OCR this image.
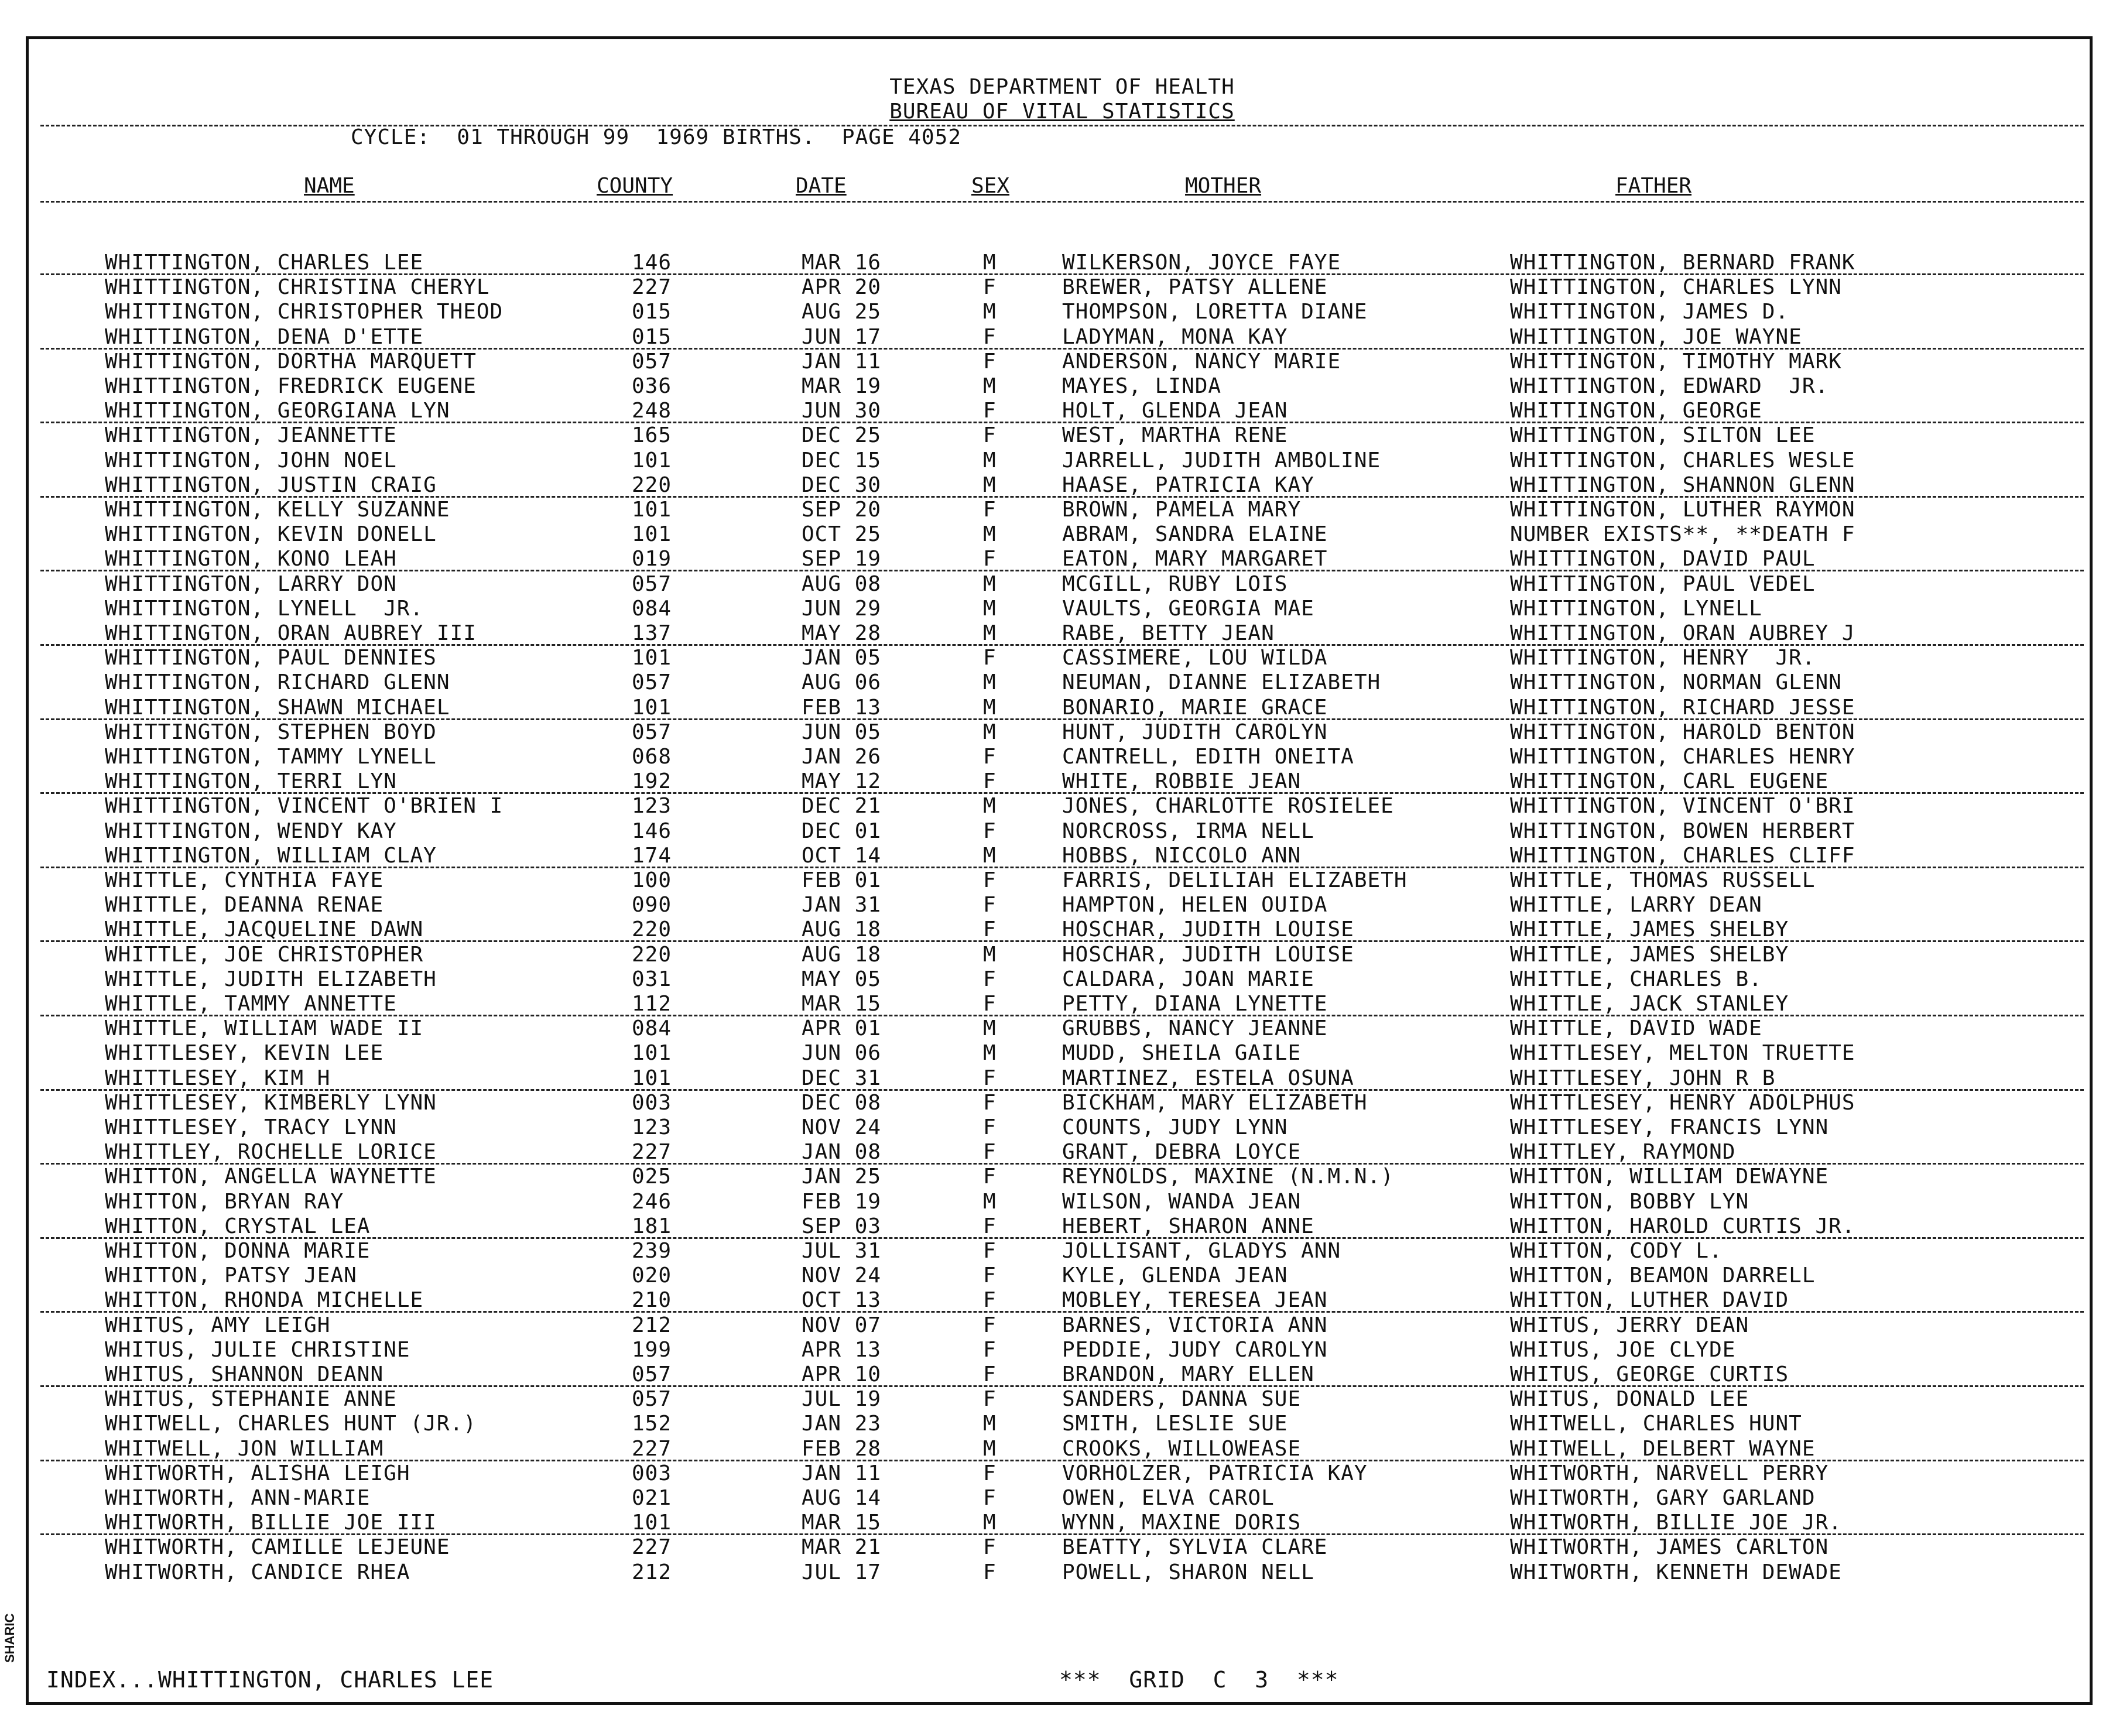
SHARIC
TEXAS DEPARTMENT OF HEALTH
BUREAU OF VITAL STATISTICS
CYCLE:  01 THROUGH 99  1969 BIRTHS.  PAGE 4052
NAME	COUNTY	DATE	SEX	MOTHER	FATHER
WHITTINGTON, CHARLES LEE	146	MAR 16	M	WILKERSON, JOYCE FAYE	WHITTINGTON, BERNARD FRANK
WHITTINGTON, CHRISTINA CHERYL	227	APR 20	F	BREWER, PATSY ALLENE	WHITTINGTON, CHARLES LYNN
WHITTINGTON, CHRISTOPHER THEOD	015	AUG 25	M	THOMPSON, LORETTA DIANE	WHITTINGTON, JAMES D.
WHITTINGTON, DENA D'ETTE	015	JUN 17	F	LADYMAN, MONA KAY	WHITTINGTON, JOE WAYNE
WHITTINGTON, DORTHA MARQUETT	057	JAN 11	F	ANDERSON, NANCY MARIE	WHITTINGTON, TIMOTHY MARK
WHITTINGTON, FREDRICK EUGENE	036	MAR 19	M	MAYES, LINDA	WHITTINGTON, EDWARD  JR.
WHITTINGTON, GEORGIANA LYN	248	JUN 30	F	HOLT, GLENDA JEAN	WHITTINGTON, GEORGE
WHITTINGTON, JEANNETTE	165	DEC 25	F	WEST, MARTHA RENE	WHITTINGTON, SILTON LEE
WHITTINGTON, JOHN NOEL	101	DEC 15	M	JARRELL, JUDITH AMBOLINE	WHITTINGTON, CHARLES WESLE
WHITTINGTON, JUSTIN CRAIG	220	DEC 30	M	HAASE, PATRICIA KAY	WHITTINGTON, SHANNON GLENN
WHITTINGTON, KELLY SUZANNE	101	SEP 20	F	BROWN, PAMELA MARY	WHITTINGTON, LUTHER RAYMON
WHITTINGTON, KEVIN DONELL	101	OCT 25	M	ABRAM, SANDRA ELAINE	NUMBER EXISTS**, **DEATH F
WHITTINGTON, KONO LEAH	019	SEP 19	F	EATON, MARY MARGARET	WHITTINGTON, DAVID PAUL
WHITTINGTON, LARRY DON	057	AUG 08	M	MCGILL, RUBY LOIS	WHITTINGTON, PAUL VEDEL
WHITTINGTON, LYNELL  JR.	084	JUN 29	M	VAULTS, GEORGIA MAE	WHITTINGTON, LYNELL
WHITTINGTON, ORAN AUBREY III	137	MAY 28	M	RABE, BETTY JEAN	WHITTINGTON, ORAN AUBREY J
WHITTINGTON, PAUL DENNIES	101	JAN 05	F	CASSIMERE, LOU WILDA	WHITTINGTON, HENRY  JR.
WHITTINGTON, RICHARD GLENN	057	AUG 06	M	NEUMAN, DIANNE ELIZABETH	WHITTINGTON, NORMAN GLENN
WHITTINGTON, SHAWN MICHAEL	101	FEB 13	M	BONARIO, MARIE GRACE	WHITTINGTON, RICHARD JESSE
WHITTINGTON, STEPHEN BOYD	057	JUN 05	M	HUNT, JUDITH CAROLYN	WHITTINGTON, HAROLD BENTON
WHITTINGTON, TAMMY LYNELL	068	JAN 26	F	CANTRELL, EDITH ONEITA	WHITTINGTON, CHARLES HENRY
WHITTINGTON, TERRI LYN	192	MAY 12	F	WHITE, ROBBIE JEAN	WHITTINGTON, CARL EUGENE
WHITTINGTON, VINCENT O'BRIEN I	123	DEC 21	M	JONES, CHARLOTTE ROSIELEE	WHITTINGTON, VINCENT O'BRI
WHITTINGTON, WENDY KAY	146	DEC 01	F	NORCROSS, IRMA NELL	WHITTINGTON, BOWEN HERBERT
WHITTINGTON, WILLIAM CLAY	174	OCT 14	M	HOBBS, NICCOLO ANN	WHITTINGTON, CHARLES CLIFF
WHITTLE, CYNTHIA FAYE	100	FEB 01	F	FARRIS, DELILIAH ELIZABETH	WHITTLE, THOMAS RUSSELL
WHITTLE, DEANNA RENAE	090	JAN 31	F	HAMPTON, HELEN OUIDA	WHITTLE, LARRY DEAN
WHITTLE, JACQUELINE DAWN	220	AUG 18	F	HOSCHAR, JUDITH LOUISE	WHITTLE, JAMES SHELBY
WHITTLE, JOE CHRISTOPHER	220	AUG 18	M	HOSCHAR, JUDITH LOUISE	WHITTLE, JAMES SHELBY
WHITTLE, JUDITH ELIZABETH	031	MAY 05	F	CALDARA, JOAN MARIE	WHITTLE, CHARLES B.
WHITTLE, TAMMY ANNETTE	112	MAR 15	F	PETTY, DIANA LYNETTE	WHITTLE, JACK STANLEY
WHITTLE, WILLIAM WADE II	084	APR 01	M	GRUBBS, NANCY JEANNE	WHITTLE, DAVID WADE
WHITTLESEY, KEVIN LEE	101	JUN 06	M	MUDD, SHEILA GAILE	WHITTLESEY, MELTON TRUETTE
WHITTLESEY, KIM H	101	DEC 31	F	MARTINEZ, ESTELA OSUNA	WHITTLESEY, JOHN R B
WHITTLESEY, KIMBERLY LYNN	003	DEC 08	F	BICKHAM, MARY ELIZABETH	WHITTLESEY, HENRY ADOLPHUS
WHITTLESEY, TRACY LYNN	123	NOV 24	F	COUNTS, JUDY LYNN	WHITTLESEY, FRANCIS LYNN
WHITTLEY, ROCHELLE LORICE	227	JAN 08	F	GRANT, DEBRA LOYCE	WHITTLEY, RAYMOND
WHITTON, ANGELLA WAYNETTE	025	JAN 25	F	REYNOLDS, MAXINE (N.M.N.)	WHITTON, WILLIAM DEWAYNE
WHITTON, BRYAN RAY	246	FEB 19	M	WILSON, WANDA JEAN	WHITTON, BOBBY LYN
WHITTON, CRYSTAL LEA	181	SEP 03	F	HEBERT, SHARON ANNE	WHITTON, HAROLD CURTIS JR.
WHITTON, DONNA MARIE	239	JUL 31	F	JOLLISANT, GLADYS ANN	WHITTON, CODY L.
WHITTON, PATSY JEAN	020	NOV 24	F	KYLE, GLENDA JEAN	WHITTON, BEAMON DARRELL
WHITTON, RHONDA MICHELLE	210	OCT 13	F	MOBLEY, TERESEA JEAN	WHITTON, LUTHER DAVID
WHITUS, AMY LEIGH	212	NOV 07	F	BARNES, VICTORIA ANN	WHITUS, JERRY DEAN
WHITUS, JULIE CHRISTINE	199	APR 13	F	PEDDIE, JUDY CAROLYN	WHITUS, JOE CLYDE
WHITUS, SHANNON DEANN	057	APR 10	F	BRANDON, MARY ELLEN	WHITUS, GEORGE CURTIS
WHITUS, STEPHANIE ANNE	057	JUL 19	F	SANDERS, DANNA SUE	WHITUS, DONALD LEE
WHITWELL, CHARLES HUNT (JR.)	152	JAN 23	M	SMITH, LESLIE SUE	WHITWELL, CHARLES HUNT
WHITWELL, JON WILLIAM	227	FEB 28	M	CROOKS, WILLOWEASE	WHITWELL, DELBERT WAYNE
WHITWORTH, ALISHA LEIGH	003	JAN 11	F	VORHOLZER, PATRICIA KAY	WHITWORTH, NARVELL PERRY
WHITWORTH, ANN-MARIE	021	AUG 14	F	OWEN, ELVA CAROL	WHITWORTH, GARY GARLAND
WHITWORTH, BILLIE JOE III	101	MAR 15	M	WYNN, MAXINE DORIS	WHITWORTH, BILLIE JOE JR.
WHITWORTH, CAMILLE LEJEUNE	227	MAR 21	F	BEATTY, SYLVIA CLARE	WHITWORTH, JAMES CARLTON
WHITWORTH, CANDICE RHEA	212	JUL 17	F	POWELL, SHARON NELL	WHITWORTH, KENNETH DEWADE
INDEX...WHITTINGTON, CHARLES LEE	***  GRID  C  3  ***
